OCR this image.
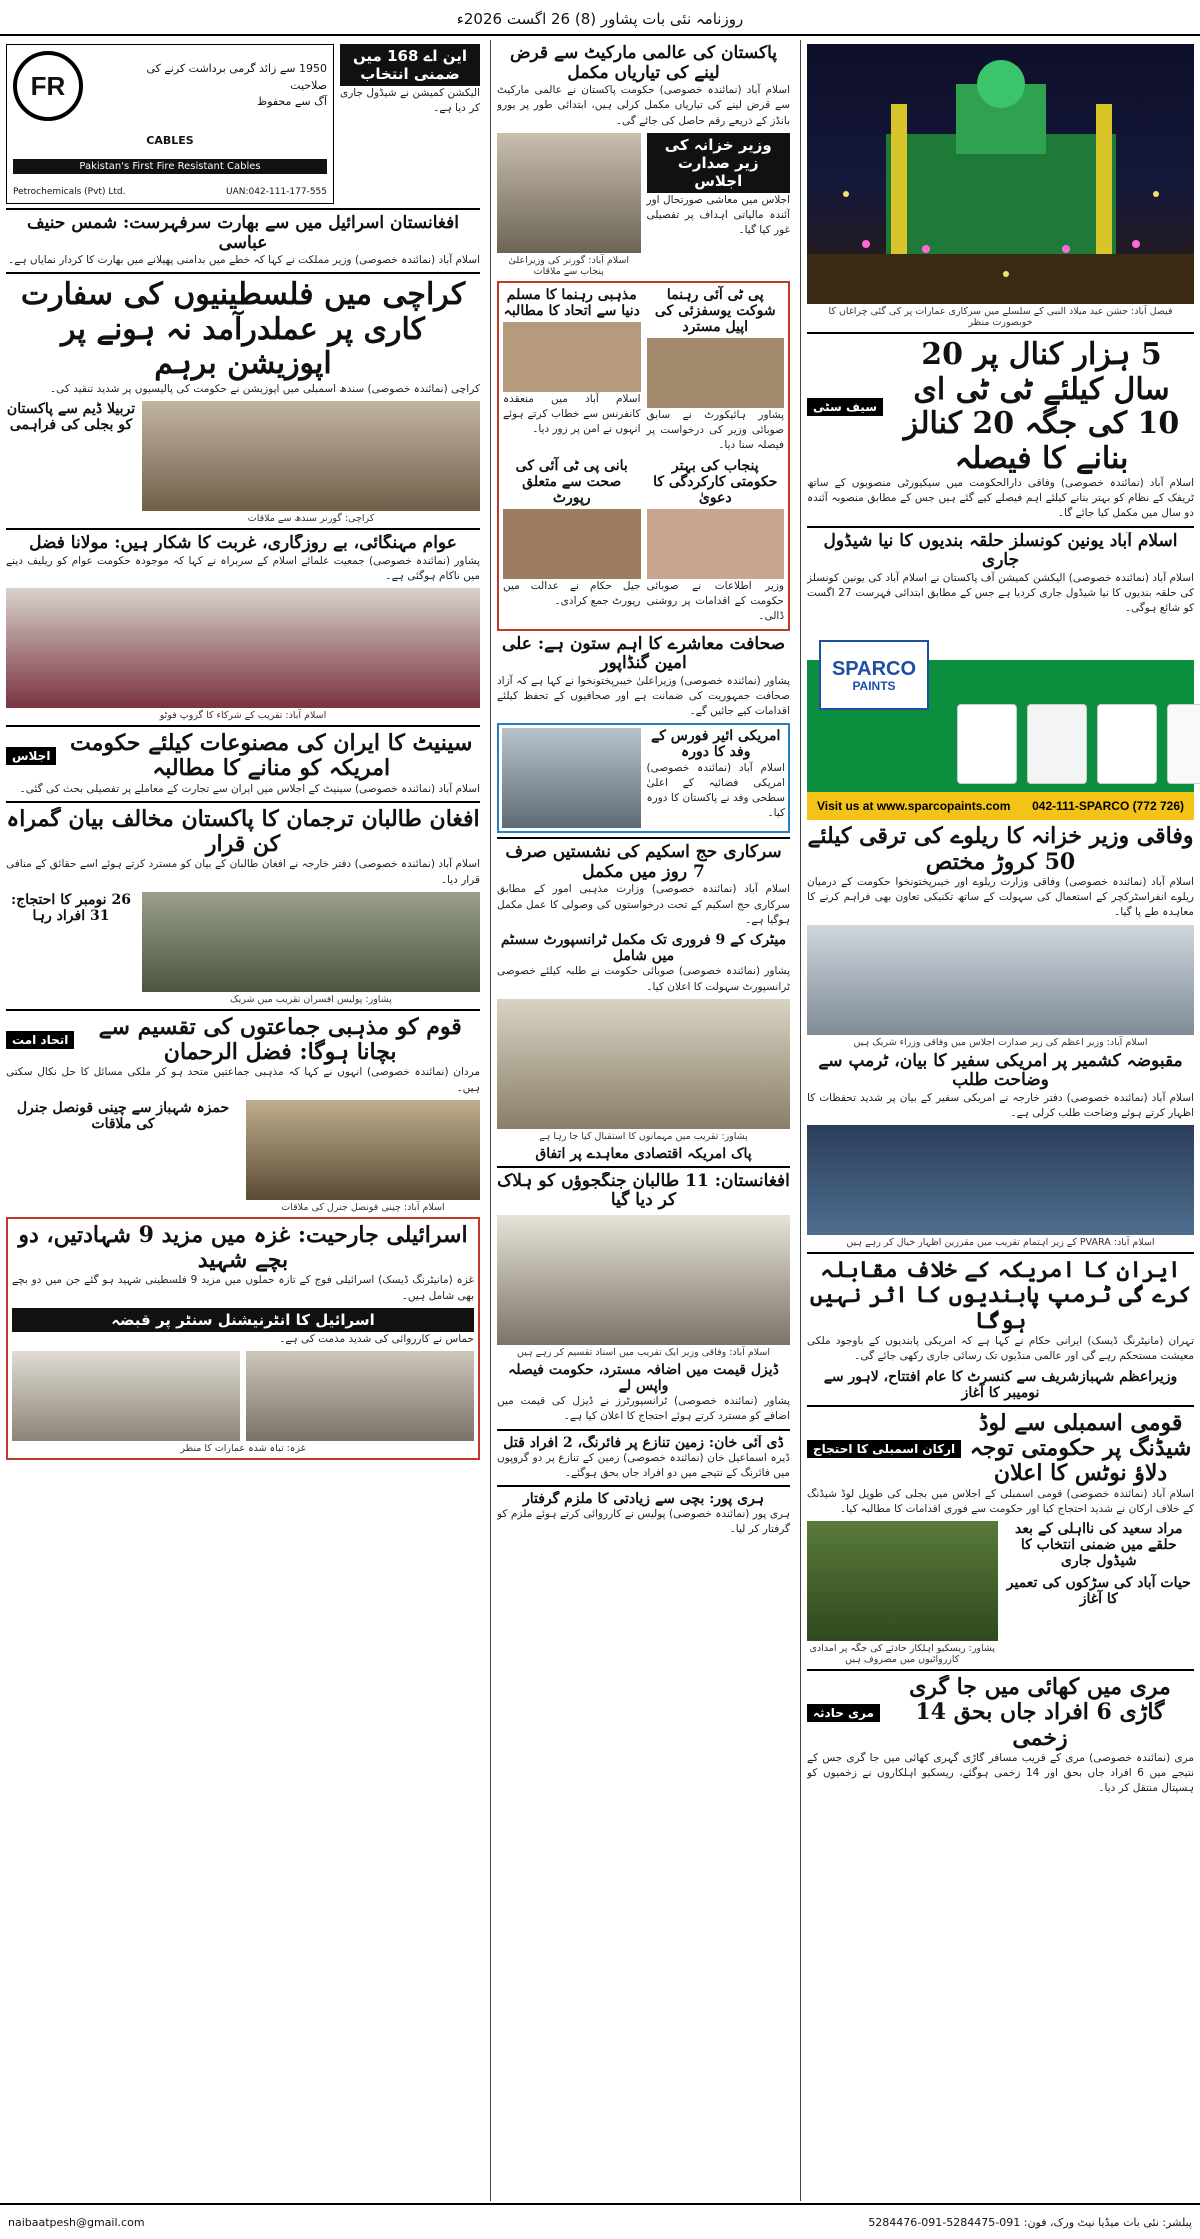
روزنامہ نئی بات پشاور (8) 26 اگست 2026ء
فیصل آباد: جشن عید میلاد النبی کے سلسلے میں سرکاری عمارات پر کی گئی چراغاں کا خوبصورت منظر
5 ہزار کنال پر 20 سال کیلئے ٹی ٹی ای 10 کی جگہ 20 کنالز بنانے کا فیصلہ
سیف سٹی
اسلام آباد (نمائندہ خصوصی) وفاقی دارالحکومت میں سیکیورٹی منصوبوں کے ساتھ ٹریفک کے نظام کو بہتر بنانے کیلئے اہم فیصلے کیے گئے ہیں جس کے مطابق منصوبہ آئندہ دو سال میں مکمل کیا جائے گا۔
اسلام آباد یونین کونسلز حلقہ بندیوں کا نیا شیڈول جاری
اسلام آباد (نمائندہ خصوصی) الیکشن کمیشن آف پاکستان نے اسلام آباد کی یونین کونسلز کی حلقہ بندیوں کا نیا شیڈول جاری کردیا ہے جس کے مطابق ابتدائی فہرست 27 اگست کو شائع ہوگی۔
SPARCO
PAINTS
Visit us at www.sparcopaints.com 042-111-SPARCO (772 726)
وفاقی وزیر خزانہ کا ریلوے کی ترقی کیلئے 50 کروڑ مختص
اسلام آباد (نمائندہ خصوصی) وفاقی وزارت ریلوے اور خیبرپختونخوا حکومت کے درمیان ریلوے انفراسٹرکچر کے استعمال کی سہولت کے ساتھ تکنیکی تعاون بھی فراہم کرنے کا معاہدہ طے پا گیا۔
اسلام آباد: وزیر اعظم کی زیر صدارت اجلاس میں وفاقی وزراء شریک ہیں
مقبوضہ کشمیر پر امریکی سفیر کا بیان، ٹرمپ سے وضاحت طلب
اسلام آباد (نمائندہ خصوصی) دفتر خارجہ نے امریکی سفیر کے بیان پر شدید تحفظات کا اظہار کرتے ہوئے وضاحت طلب کرلی ہے۔
اسلام آباد: PVARA کے زیر اہتمام تقریب میں مقررین اظہار خیال کر رہے ہیں
ایران کا امریکہ کے خلاف مقابلہ کرے گی ٹرمپ پابندیوں کا اثر نہیں ہوگا
تہران (مانیٹرنگ ڈیسک) ایرانی حکام نے کہا ہے کہ امریکی پابندیوں کے باوجود ملکی معیشت مستحکم رہے گی اور عالمی منڈیوں تک رسائی جاری رکھی جائے گی۔
وزیراعظم شہبازشریف سے کنسرٹ کا عام افتتاح، لاہور سے نومیبر کا آغاز
قومی اسمبلی سے لوڈ شیڈنگ پر حکومتی توجہ دلاؤ نوٹس کا اعلان
ارکان اسمبلی کا احتجاج
اسلام آباد (نمائندہ خصوصی) قومی اسمبلی کے اجلاس میں بجلی کی طویل لوڈ شیڈنگ کے خلاف ارکان نے شدید احتجاج کیا اور حکومت سے فوری اقدامات کا مطالبہ کیا۔
مراد سعید کی نااہلی کے بعد حلقے میں ضمنی انتخاب کا شیڈول جاری
حیات آباد کی سڑکوں کی تعمیر کا آغاز
پشاور: ریسکیو اہلکار حادثے کی جگہ پر امدادی کارروائیوں میں مصروف ہیں
مری میں کھائی میں جا گری گاڑی 6 افراد جاں بحق 14 زخمی
مری حادثہ
مری (نمائندہ خصوصی) مری کے قریب مسافر گاڑی گہری کھائی میں جا گری جس کے نتیجے میں 6 افراد جاں بحق اور 14 زخمی ہوگئے، ریسکیو اہلکاروں نے زخمیوں کو ہسپتال منتقل کر دیا۔
پاکستان کی عالمی مارکیٹ سے قرض لینے کی تیاریاں مکمل
اسلام آباد (نمائندہ خصوصی) حکومت پاکستان نے عالمی مارکیٹ سے قرض لینے کی تیاریاں مکمل کرلی ہیں، ابتدائی طور پر یورو بانڈز کے ذریعے رقم حاصل کی جائے گی۔
وزیر خزانہ کی زیر صدارت اجلاس
اجلاس میں معاشی صورتحال اور آئندہ مالیاتی اہداف پر تفصیلی غور کیا گیا۔
اسلام آباد: گورنر کی وزیراعلیٰ پنجاب سے ملاقات
پی ٹی آئی رہنما شوکت یوسفزئی کی اپیل مسترد
پشاور ہائیکورٹ نے سابق صوبائی وزیر کی درخواست پر فیصلہ سنا دیا۔
مذہبی رہنما کا مسلم دنیا سے اتحاد کا مطالبہ
اسلام آباد میں منعقدہ کانفرنس سے خطاب کرتے ہوئے انہوں نے امن پر زور دیا۔
پنجاب کی بہتر حکومتی کارکردگی کا دعویٰ
وزیر اطلاعات نے صوبائی حکومت کے اقدامات پر روشنی ڈالی۔
بانی پی ٹی آئی کی صحت سے متعلق رپورٹ
جیل حکام نے عدالت میں رپورٹ جمع کرادی۔
صحافت معاشرے کا اہم ستون ہے: علی امین گنڈاپور
پشاور (نمائندہ خصوصی) وزیراعلیٰ خیبرپختونخوا نے کہا ہے کہ آزاد صحافت جمہوریت کی ضمانت ہے اور صحافیوں کے تحفظ کیلئے اقدامات کیے جائیں گے۔
امریکی ائیر فورس کے وفد کا دورہ
اسلام آباد (نمائندہ خصوصی) امریکی فضائیہ کے اعلیٰ سطحی وفد نے پاکستان کا دورہ کیا۔
سرکاری حج اسکیم کی نشستیں صرف 7 روز میں مکمل
اسلام آباد (نمائندہ خصوصی) وزارت مذہبی امور کے مطابق سرکاری حج اسکیم کے تحت درخواستوں کی وصولی کا عمل مکمل ہوگیا ہے۔
میٹرک کے 9 فروری تک مکمل ٹرانسپورٹ سسٹم میں شامل
پشاور (نمائندہ خصوصی) صوبائی حکومت نے طلبہ کیلئے خصوصی ٹرانسپورٹ سہولت کا اعلان کیا۔
پشاور: تقریب میں مہمانوں کا استقبال کیا جا رہا ہے
پاک امریکہ اقتصادی معاہدے پر اتفاق
افغانستان: 11 طالبان جنگجوؤں کو ہلاک کر دیا گیا
اسلام آباد: وفاقی وزیر ایک تقریب میں اسناد تقسیم کر رہے ہیں
ڈیزل قیمت میں اضافہ مسترد، حکومت فیصلہ واپس لے
پشاور (نمائندہ خصوصی) ٹرانسپورٹرز نے ڈیزل کی قیمت میں اضافے کو مسترد کرتے ہوئے احتجاج کا اعلان کیا ہے۔
ڈی آئی خان: زمین تنازع پر فائرنگ، 2 افراد قتل
ڈیرہ اسماعیل خان (نمائندہ خصوصی) زمین کے تنازع پر دو گروپوں میں فائرنگ کے نتیجے میں دو افراد جاں بحق ہوگئے۔
ہری پور: بچی سے زیادتی کا ملزم گرفتار
ہری پور (نمائندہ خصوصی) پولیس نے کارروائی کرتے ہوئے ملزم کو گرفتار کر لیا۔
این اے 168 میں ضمنی انتخاب
الیکشن کمیشن نے شیڈول جاری کر دیا ہے۔
FR
1950 سے زائد گرمی برداشت کرنے کی
صلاحیت
آگ سے محفوظ
CABLES
Pakistan's First Fire Resistant Cables
Petrochemicals (Pvt) Ltd.	UAN:042-111-177-555
افغانستان اسرائیل میں سے بھارت سرفہرست: شمس حنیف عباسی
اسلام آباد (نمائندہ خصوصی) وزیر مملکت نے کہا کہ خطے میں بدامنی پھیلانے میں بھارت کا کردار نمایاں ہے۔
کراچی میں فلسطینیوں کی سفارت کاری پر عملدرآمد نہ ہونے پر اپوزیشن برہم
کراچی (نمائندہ خصوصی) سندھ اسمبلی میں اپوزیشن نے حکومت کی پالیسیوں پر شدید تنقید کی۔
کراچی: گورنر سندھ سے ملاقات
تربیلا ڈیم سے پاکستان کو بجلی کی فراہمی
عوام مہنگائی، بے روزگاری، غربت کا شکار ہیں: مولانا فضل
پشاور (نمائندہ خصوصی) جمعیت علمائے اسلام کے سربراہ نے کہا کہ موجودہ حکومت عوام کو ریلیف دینے میں ناکام ہوگئی ہے۔
اسلام آباد: تقریب کے شرکاء کا گروپ فوٹو
سینیٹ کا ایران کی مصنوعات کیلئے حکومت امریکہ کو منانے کا مطالبہ
اجلاس
اسلام آباد (نمائندہ خصوصی) سینیٹ کے اجلاس میں ایران سے تجارت کے معاملے پر تفصیلی بحث کی گئی۔
افغان طالبان ترجمان کا پاکستان مخالف بیان گمراہ کن قرار
اسلام آباد (نمائندہ خصوصی) دفتر خارجہ نے افغان طالبان کے بیان کو مسترد کرتے ہوئے اسے حقائق کے منافی قرار دیا۔
پشاور: پولیس افسران تقریب میں شریک
26 نومبر کا احتجاج: 31 افراد رہا
قوم کو مذہبی جماعتوں کی تقسیم سے بچانا ہوگا: فضل الرحمان
اتحاد امت
مردان (نمائندہ خصوصی) انہوں نے کہا کہ مذہبی جماعتیں متحد ہو کر ملکی مسائل کا حل نکال سکتی ہیں۔
اسلام آباد: چینی قونصل جنرل کی ملاقات
حمزہ شہباز سے چینی قونصل جنرل کی ملاقات
اسرائیلی جارحیت: غزہ میں مزید 9 شہادتیں، دو بچے شہید
غزہ (مانیٹرنگ ڈیسک) اسرائیلی فوج کے تازہ حملوں میں مزید 9 فلسطینی شہید ہو گئے جن میں دو بچے بھی شامل ہیں۔
اسرائیل کا انٹرنیشنل سنٹر پر قبضہ
حماس نے کارروائی کی شدید مذمت کی ہے۔
غزہ: تباہ شدہ عمارات کا منظر
naibaatpesh@gmail.com	پبلشر: نئی بات میڈیا نیٹ ورک، فون: 091-5284475-091-5284476
